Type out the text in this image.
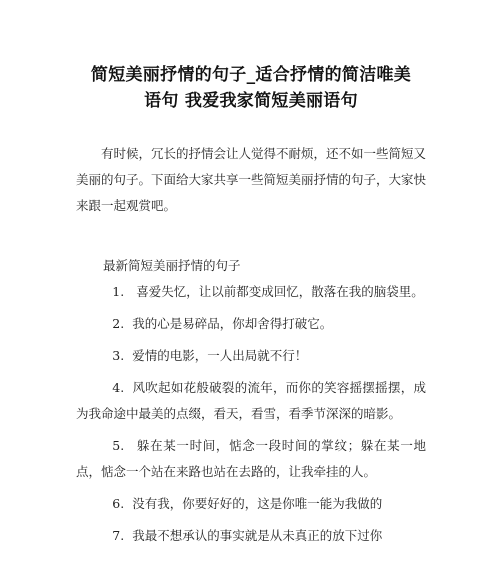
简短美丽抒情的句子_适合抒情的简洁唯美
语句 我爱我家简短美丽语句

有时候，冗长的抒情会让人觉得不耐烦，还不如一些简短又美丽的句子。下面给大家共享一些简短美丽抒情的句子，大家快来跟一起观赏吧。

最新简短美丽抒情的句子

1. 喜爱失忆，让以前都变成回忆，散落在我的脑袋里。

2. 我的心是易碎品，你却舍得打破它。

3. 爱情的电影，一人出局就不行！

4. 风吹起如花般破裂的流年，而你的笑容摇摆摇摆，成为我命途中最美的点缀，看天，看雪，看季节深深的暗影。

5. 躲在某一时间，惦念一段时间的掌纹；躲在某一地点，惦念一个站在来路也站在去路的，让我牵挂的人。

6. 没有我，你要好好的，这是你唯一能为我做的

7. 我最不想承认的事实就是从未真正的放下过你
